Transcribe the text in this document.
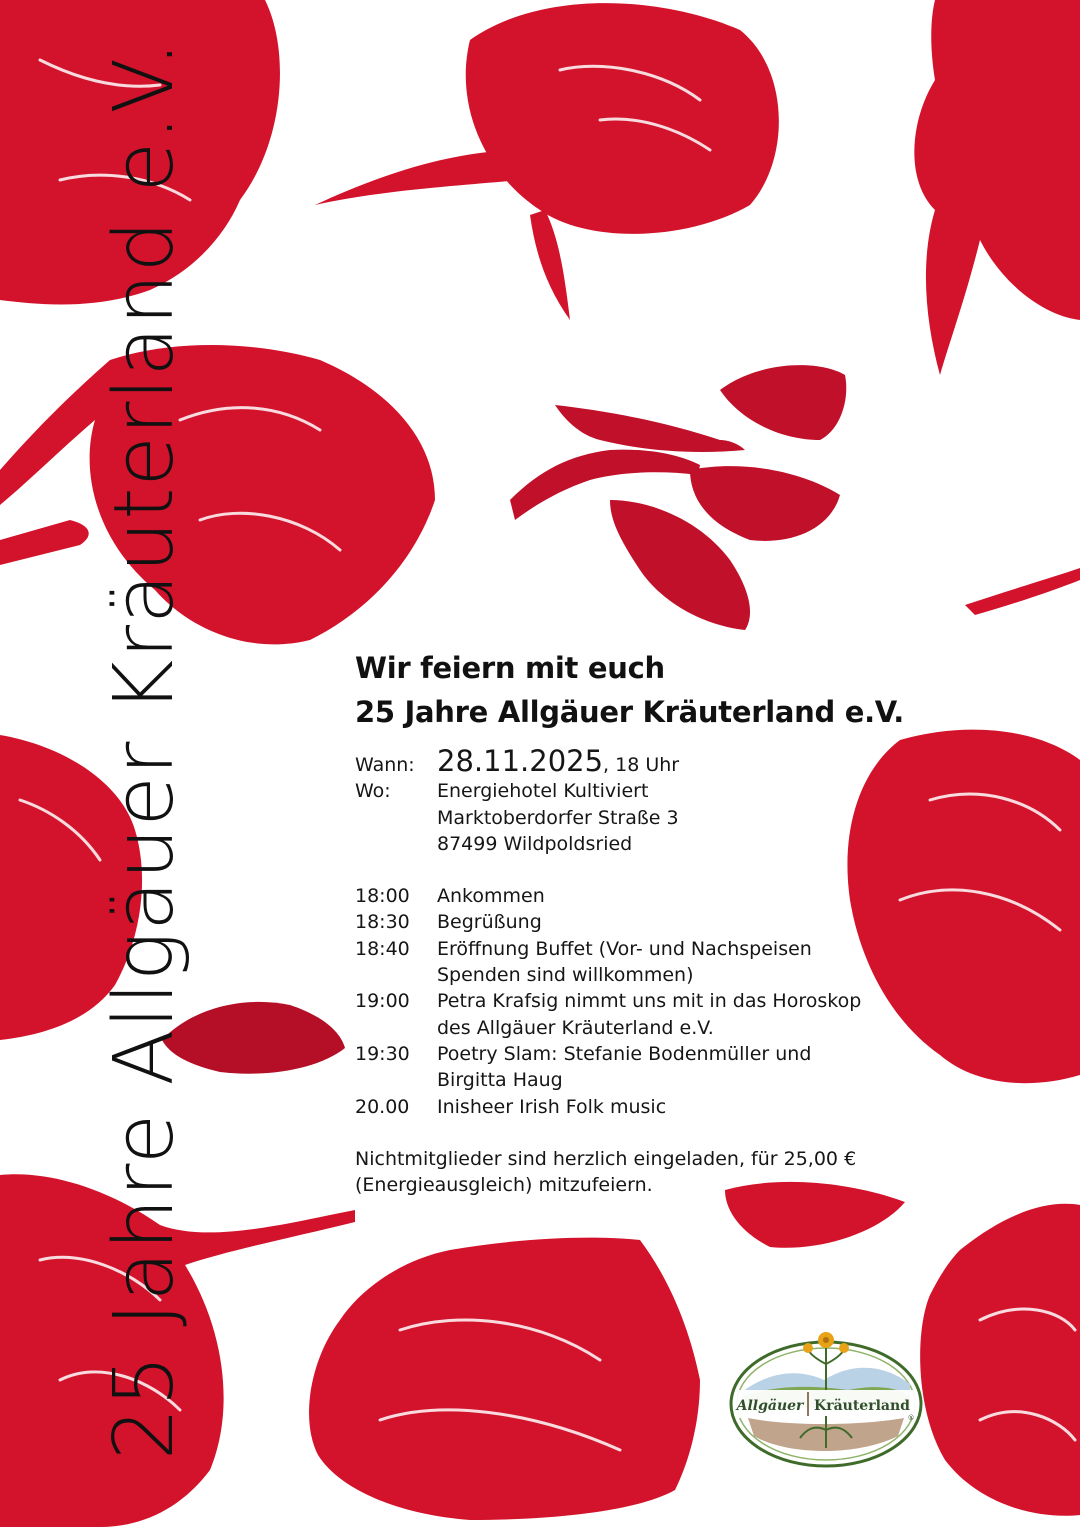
25 Jahre Allgäuer Kräuterland e.V.	Wir feiern mit euch
25 Jahre Allgäuer Kräuterland e.V.
Wann: 28.11.2025, 18 Uhr
Wo:	Energiehotel Kultiviert
Marktoberdorfer Straße 3
87499 Wildpoldsried
18:00	Ankommen
18:30	Begrüßung
18:40	Eröffnung Buffet (Vor- und Nachspeisen
Spenden sind willkommen)
19:00	Petra Krafsig nimmt uns mit in das Horoskop
des Allgäuer Kräuterland e.V.
19:30	Poetry Slam: Stefanie Bodenmüller und
Birgitta Haug
20.00	Inisheer Irish Folk music
Nichtmitglieder sind herzlich eingeladen, für 25,00 €
(Energieausgleich) mitzufeiern.
Allgäuer Kräuterland
®
